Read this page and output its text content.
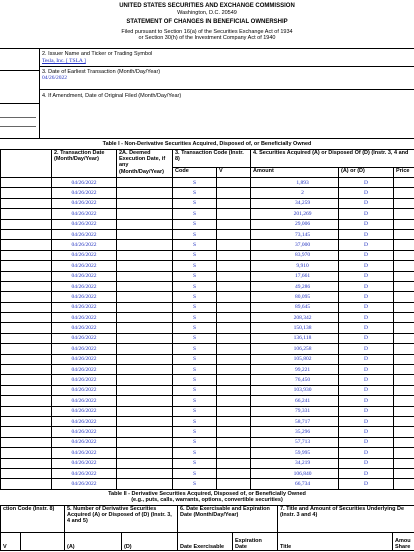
UNITED STATES SECURITIES AND EXCHANGE COMMISSION
Washington, D.C. 20549
STATEMENT OF CHANGES IN BENEFICIAL OWNERSHIP
Filed pursuant to Section 16(a) of the Securities Exchange Act of 1934
or Section 30(h) of the Investment Company Act of 1940
2. Issuer Name and Ticker or Trading Symbol
Tesla, Inc. [ TSLA ]
3. Date of Earliest Transaction (Month/Day/Year)
04/26/2022
4. If Amendment, Date of Original Filed (Month/Day/Year)
Table I - Non-Derivative Securities Acquired, Disposed of, or Beneficially Owned
	2. Transaction Date (Month/Day/Year)	2A. Deemed Execution Date, if any (Month/Day/Year)	3. Transaction Code (Instr. 8)		4. Securities Acquired (A) or Disposed Of (D) (Instr. 3, 4 and		
			Code	V	Amount	(A) or (D)	Price
	04/26/2022		S		1,893	D	
	04/26/2022		S		2	D	
	04/26/2022		S		34,259	D	
	04/26/2022		S		201,269	D	
	04/26/2022		S		29,006	D	
	04/26/2022		S		73,145	D	
	04/26/2022		S		37,000	D	
	04/26/2022		S		83,970	D	
	04/26/2022		S		9,910	D	
	04/26/2022		S		17,661	D	
	04/26/2022		S		49,286	D	
	04/26/2022		S		80,095	D	
	04/26/2022		S		89,645	D	
	04/26/2022		S		208,342	D	
	04/26/2022		S		150,138	D	
	04/26/2022		S		136,118	D	
	04/26/2022		S		106,258	D	
	04/26/2022		S		105,802	D	
	04/26/2022		S		99,221	D	
	04/26/2022		S		76,450	D	
	04/26/2022		S		103,930	D	
	04/26/2022		S		66,241	D	
	04/26/2022		S		79,331	D	
	04/26/2022		S		58,717	D	
	04/26/2022		S		35,296	D	
	04/26/2022		S		57,713	D	
	04/26/2022		S		59,995	D	
	04/26/2022		S		34,219	D	
	04/26/2022		S		106,840	D	
	04/26/2022		S		66,734	D	
Table II - Derivative Securities Acquired, Disposed of, or Beneficially Owned
(e.g., puts, calls, warrants, options, convertible securities)
ction Code (Instr. 8)		5. Number of Derivative Securities Acquired (A) or Disposed of (D) (Instr. 3, 4 and 5)		6. Date Exercisable and Expiration Date (Month/Day/Year)		7. Title and Amount of Securities Underlying De (Instr. 3 and 4)	
V		(A)	(D)	Date Exercisable	Expiration Date	Title	Amou Share
